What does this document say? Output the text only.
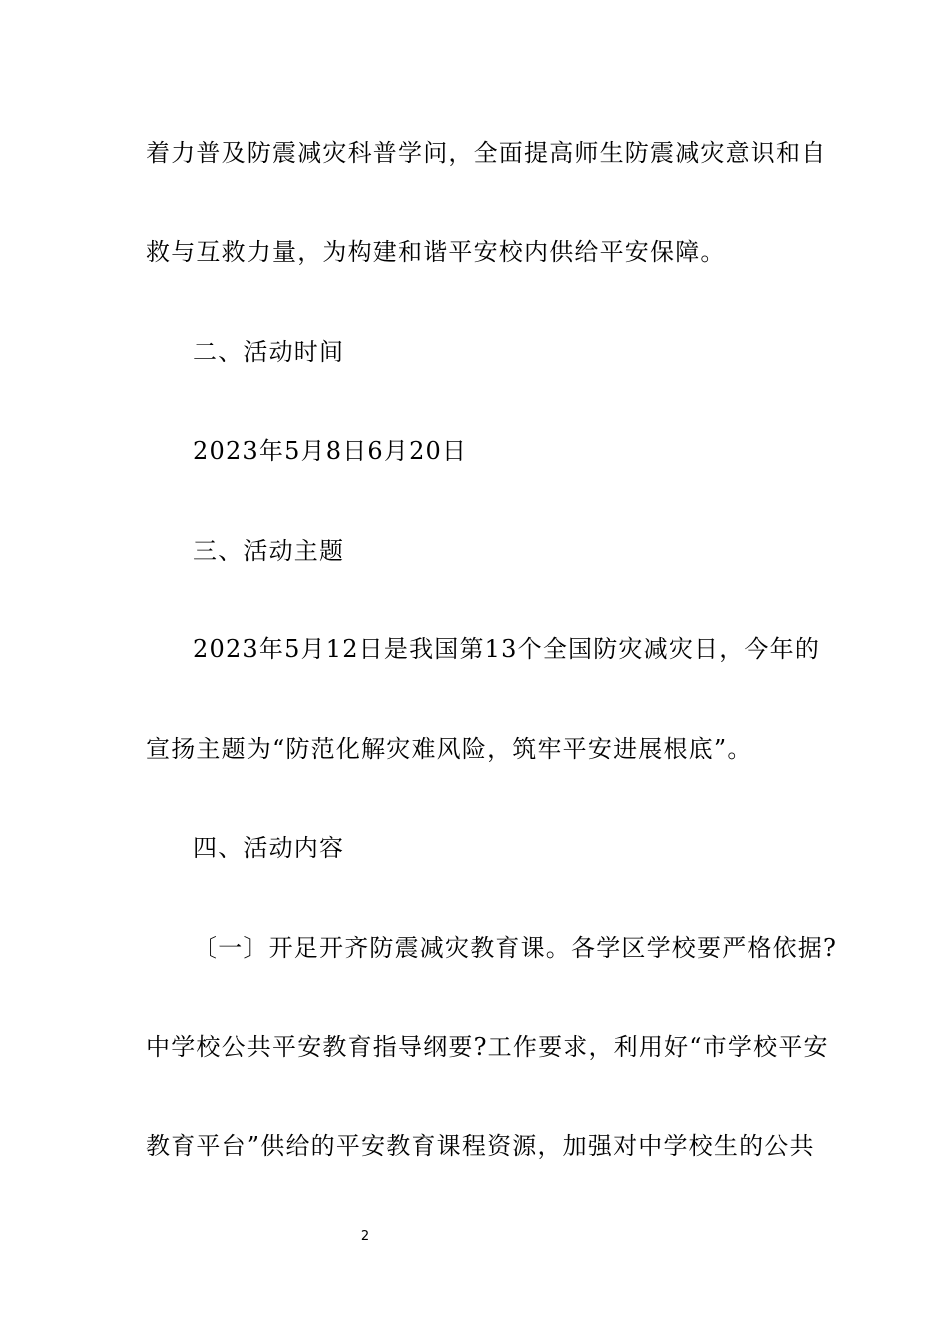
着力普及防震减灾科普学问，全面提高师生防震减灾意识和自
救与互救力量，为构建和谐平安校内供给平安保障。
二、活动时间
2023年5月8日6月20日
三、活动主题
2023年5月12日是我国第13个全国防灾减灾日，今年的
宣扬主题为“防范化解灾难风险，筑牢平安进展根底”。
四、活动内容
〔一〕开足开齐防震减灾教育课。各学区学校要严格依据?
中学校公共平安教育指导纲要?工作要求，利用好“市学校平安
教育平台”供给的平安教育课程资源，加强对中学校生的公共
2
